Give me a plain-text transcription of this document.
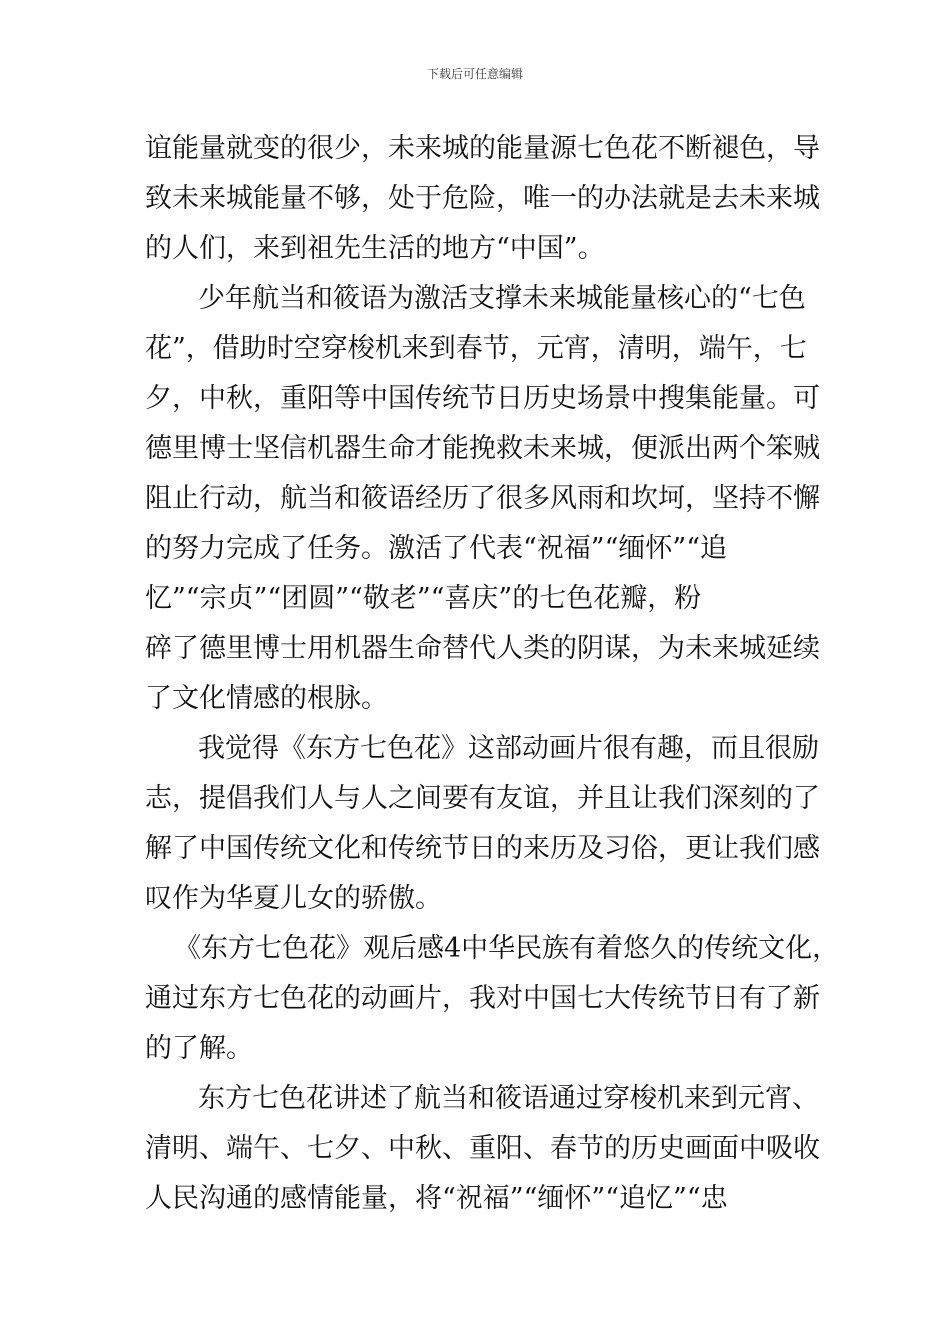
下载后可任意编辑

谊能量就变的很少，未来城的能量源七色花不断褪色，导

致未来城能量不够，处于危险，唯一的办法就是去未来城

的人们，来到祖先生活的地方“中国”。

少年航当和筱语为激活支撑未来城能量核心的“七色

花”，借助时空穿梭机来到春节，元宵，清明，端午，七

夕，中秋，重阳等中国传统节日历史场景中搜集能量。可

德里博士坚信机器生命才能挽救未来城，便派出两个笨贼

阻止行动，航当和筱语经历了很多风雨和坎坷，坚持不懈

的努力完成了任务。激活了代表“祝福”“缅怀”“追

忆”“宗贞”“团圆”“敬老”“喜庆”的七色花瓣，粉

碎了德里博士用机器生命替代人类的阴谋，为未来城延续

了文化情感的根脉。

我觉得《东方七色花》这部动画片很有趣，而且很励

志，提倡我们人与人之间要有友谊，并且让我们深刻的了

解了中国传统文化和传统节日的来历及习俗，更让我们感

叹作为华夏儿女的骄傲。

《东方七色花》观后感4中华民族有着悠久的传统文化，

通过东方七色花的动画片，我对中国七大传统节日有了新

的了解。

东方七色花讲述了航当和筱语通过穿梭机来到元宵、

清明、端午、七夕、中秋、重阳、春节的历史画面中吸收

人民沟通的感情能量，将“祝福”“缅怀”“追忆”“忠
